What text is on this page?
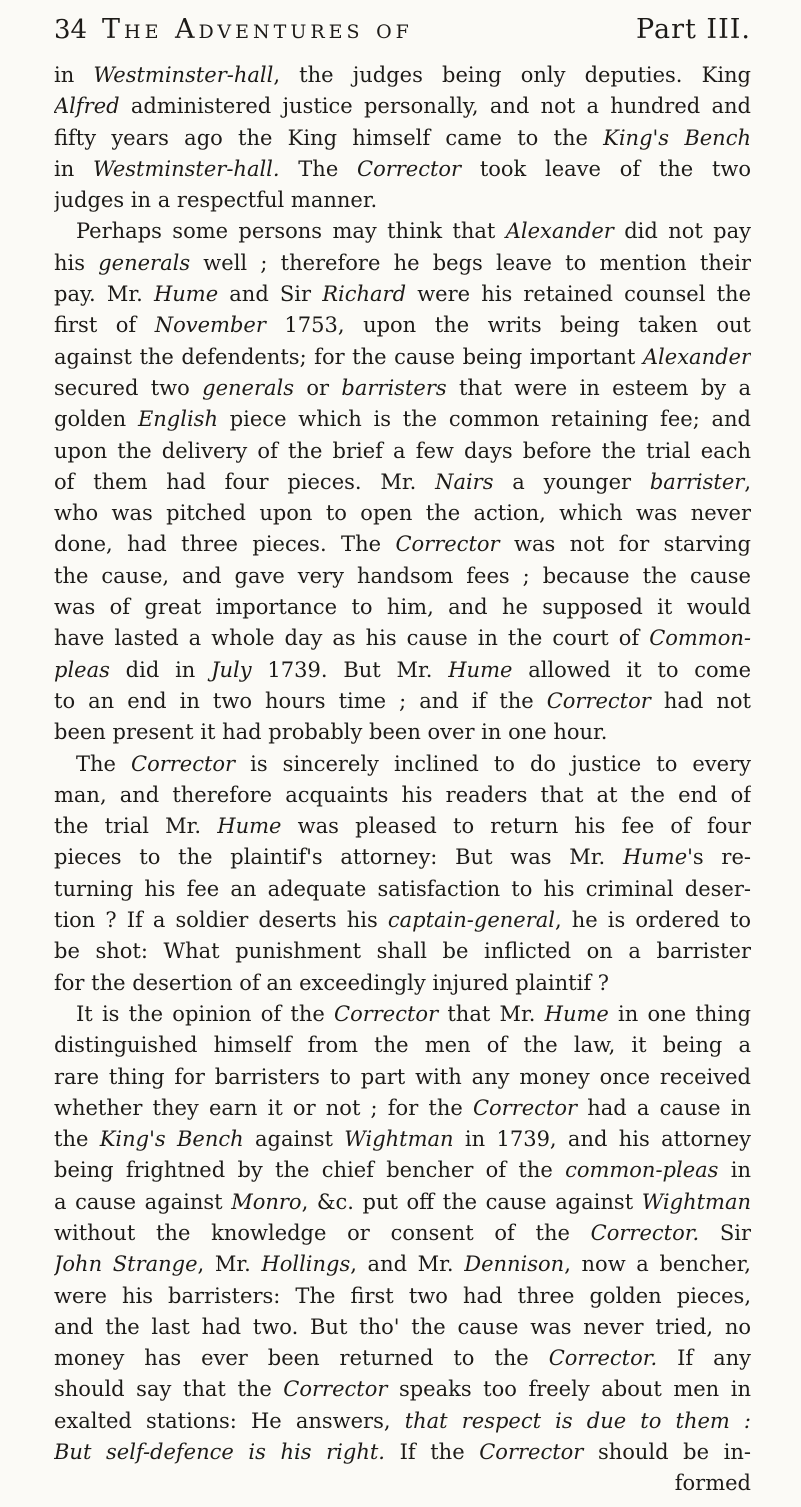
34 The Adventures of	Part III.
in Westminster-hall, the judges being only deputies. King
Alfred administered justice personally, and not a hundred and
fifty years ago the King himself came to the King's Bench
in Westminster-hall. The Corrector took leave of the two
judges in a respectful manner.
Perhaps some persons may think that Alexander did not pay
his generals well ; therefore he begs leave to mention their
pay. Mr. Hume and Sir Richard were his retained counsel the
first of November 1753, upon the writs being taken out
against the defendents; for the cause being important Alexander
secured two generals or barristers that were in esteem by a
golden English piece which is the common retaining fee; and
upon the delivery of the brief a few days before the trial each
of them had four pieces. Mr. Nairs a younger barrister,
who was pitched upon to open the action, which was never
done, had three pieces. The Corrector was not for starving
the cause, and gave very handsom fees ; because the cause
was of great importance to him, and he supposed it would
have lasted a whole day as his cause in the court of Common-
pleas did in July 1739. But Mr. Hume allowed it to come
to an end in two hours time ; and if the Corrector had not
been present it had probably been over in one hour.
The Corrector is sincerely inclined to do justice to every
man, and therefore acquaints his readers that at the end of
the trial Mr. Hume was pleased to return his fee of four
pieces to the plaintif's attorney: But was Mr. Hume's re-
turning his fee an adequate satisfaction to his criminal deser-
tion ? If a soldier deserts his captain-general, he is ordered to
be shot: What punishment shall be inflicted on a barrister
for the desertion of an exceedingly injured plaintif ?
It is the opinion of the Corrector that Mr. Hume in one thing
distinguished himself from the men of the law, it being a
rare thing for barristers to part with any money once received
whether they earn it or not ; for the Corrector had a cause in
the King's Bench against Wightman in 1739, and his attorney
being frightned by the chief bencher of the common-pleas in
a cause against Monro, &c. put off the cause against Wightman
without the knowledge or consent of the Corrector. Sir
John Strange, Mr. Hollings, and Mr. Dennison, now a bencher,
were his barristers: The first two had three golden pieces,
and the last had two. But tho' the cause was never tried, no
money has ever been returned to the Corrector. If any
should say that the Corrector speaks too freely about men in
exalted stations: He answers, that respect is due to them :
But self-defence is his right. If the Corrector should be in-
formed
